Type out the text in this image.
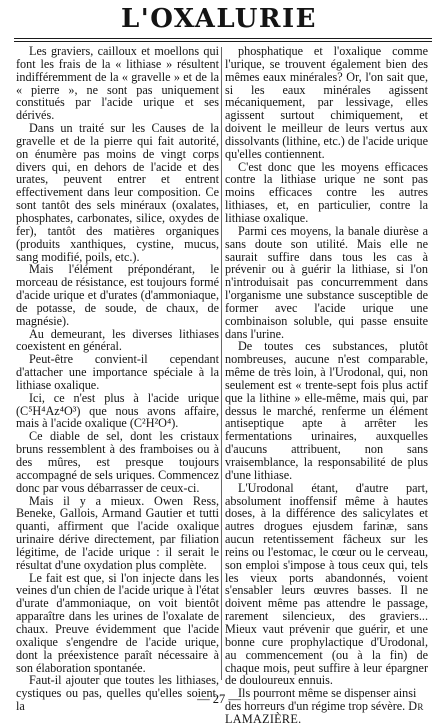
L'OXALURIE

Les graviers, cailloux et moellons qui font les frais de la « lithiase » résultent indifféremment de la « gravelle » et de la « pierre », ne sont pas uniquement constitués par l'acide urique et ses dérivés.

Dans un traité sur les Causes de la gravelle et de la pierre qui fait autorité, on énumère pas moins de vingt corps divers qui, en dehors de l'acide et des urates, peuvent entrer et entrent effectivement dans leur composition. Ce sont tantôt des sels minéraux (oxalates, phosphates, carbonates, silice, oxydes de fer), tantôt des matières organiques (produits xanthiques, cystine, mucus, sang modifié, poils, etc.).

Mais l'élément prépondérant, le morceau de résistance, est toujours formé d'acide urique et d'urates (d'ammoniaque, de potasse, de soude, de chaux, de magnésie).

Au demeurant, les diverses lithiases coexistent en général.

Peut-être convient-il cependant d'attacher une importance spéciale à la lithiase oxalique.

Ici, ce n'est plus à l'acide urique (C⁵H⁴Az⁴O³) que nous avons affaire, mais à l'acide oxalique (C²H²O⁴).

Ce diable de sel, dont les cristaux bruns ressemblent à des framboises ou à des mûres, est presque toujours accompagné de sels uriques. Commencez donc par vous débarrasser de ceux-ci.

Mais il y a mieux. Owen Ress, Beneke, Gallois, Armand Gautier et tutti quanti, affirment que l'acide oxalique urinaire dérive directement, par filiation légitime, de l'acide urique : il serait le résultat d'une oxydation plus complète.

Le fait est que, si l'on injecte dans les veines d'un chien de l'acide urique à l'état d'urate d'ammoniaque, on voit bientôt apparaître dans les urines de l'oxalate de chaux. Preuve évidemment que l'acide oxalique s'engendre de l'acide urique, dont la préexistence paraît nécessaire à son élaboration spontanée.

Faut-il ajouter que toutes les lithiases, cystiques ou pas, quelles qu'elles soient, la

phosphatique et l'oxalique comme l'urique, se trouvent également bien des mêmes eaux minérales? Or, l'on sait que, si les eaux minérales agissent mécaniquement, par lessivage, elles agissent surtout chimiquement, et doivent le meilleur de leurs vertus aux dissolvants (lithine, etc.) de l'acide urique qu'elles contiennent.

C'est donc que les moyens efficaces contre la lithiase urique ne sont pas moins efficaces contre les autres lithiases, et, en particulier, contre la lithiase oxalique.

Parmi ces moyens, la banale diurèse a sans doute son utilité. Mais elle ne saurait suffire dans tous les cas à prévenir ou à guérir la lithiase, si l'on n'introduisait pas concurremment dans l'organisme une substance susceptible de former avec l'acide urique une combinaison soluble, qui passe ensuite dans l'urine.

De toutes ces substances, plutôt nombreuses, aucune n'est comparable, même de très loin, à l'Urodonal, qui, non seulement est « trente-sept fois plus actif que la lithine » elle-même, mais qui, par dessus le marché, renferme un élément antiseptique apte à arrêter les fermentations urinaires, auxquelles d'aucuns attribuent, non sans vraisemblance, la responsabilité de plus d'une lithiase.

L'Urodonal étant, d'autre part, absolument inoffensif même à hautes doses, à la différence des salicylates et autres drogues ejusdem farinæ, sans aucun retentissement fâcheux sur les reins ou l'estomac, le cœur ou le cerveau, son emploi s'impose à tous ceux qui, tels les vieux ports abandonnés, voient s'ensabler leurs œuvres basses. Il ne doivent même pas attendre le passage, rarement silencieux, des graviers... Mieux vaut prévenir que guérir, et une bonne cure prophylactique d'Urodonal, au commencement (ou à la fin) de chaque mois, peut suffire à leur épargner de douloureux ennuis.

Ils pourront même se dispenser ainsi des horreurs d'un régime trop sévère. Dr LAMAZIÈRE.

— 27 —
